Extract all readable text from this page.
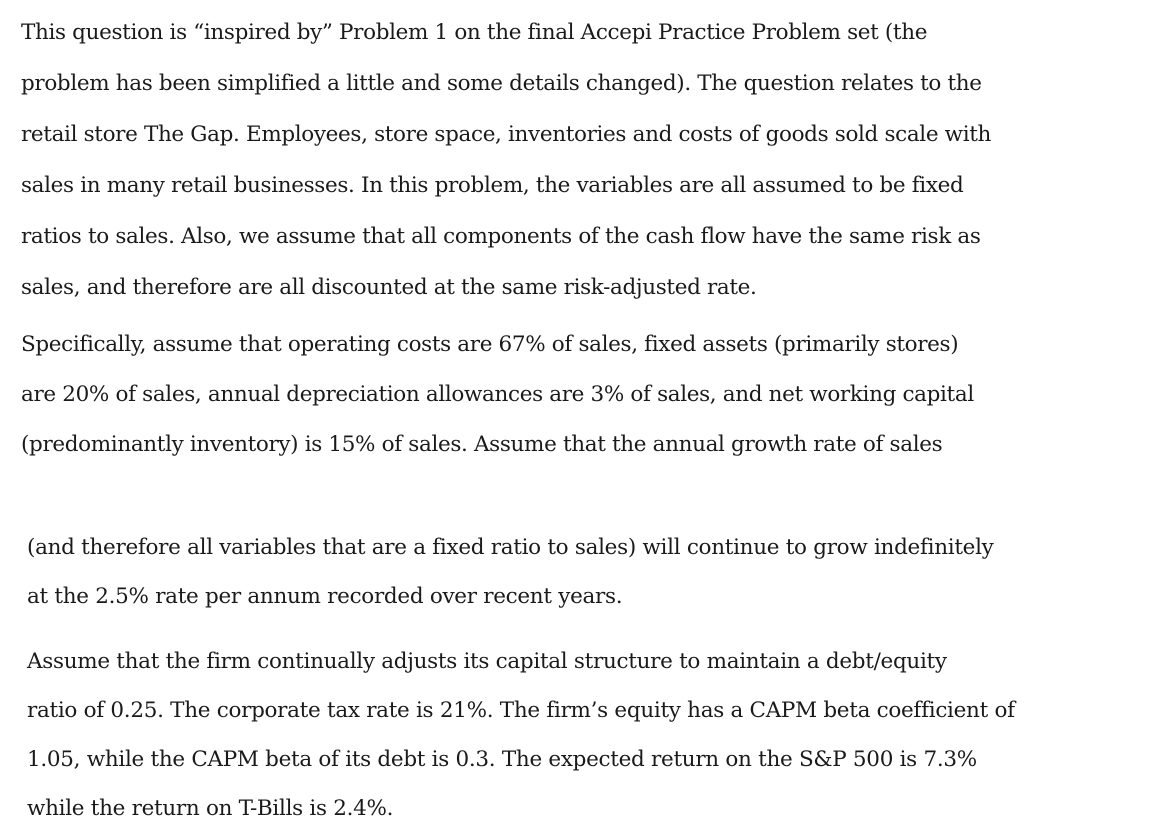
This question is “inspired by” Problem 1 on the final Accepi Practice Problem set (the
problem has been simplified a little and some details changed). The question relates to the
retail store The Gap. Employees, store space, inventories and costs of goods sold scale with
sales in many retail businesses. In this problem, the variables are all assumed to be fixed
ratios to sales. Also, we assume that all components of the cash flow have the same risk as
sales, and therefore are all discounted at the same risk-adjusted rate.
Specifically, assume that operating costs are 67% of sales, fixed assets (primarily stores)
are 20% of sales, annual depreciation allowances are 3% of sales, and net working capital
(predominantly inventory) is 15% of sales. Assume that the annual growth rate of sales
(and therefore all variables that are a fixed ratio to sales) will continue to grow indefinitely
at the 2.5% rate per annum recorded over recent years.
Assume that the firm continually adjusts its capital structure to maintain a debt/equity
ratio of 0.25. The corporate tax rate is 21%. The firm’s equity has a CAPM beta coefficient of
1.05, while the CAPM beta of its debt is 0.3. The expected return on the S&P 500 is 7.3%
while the return on T-Bills is 2.4%.
